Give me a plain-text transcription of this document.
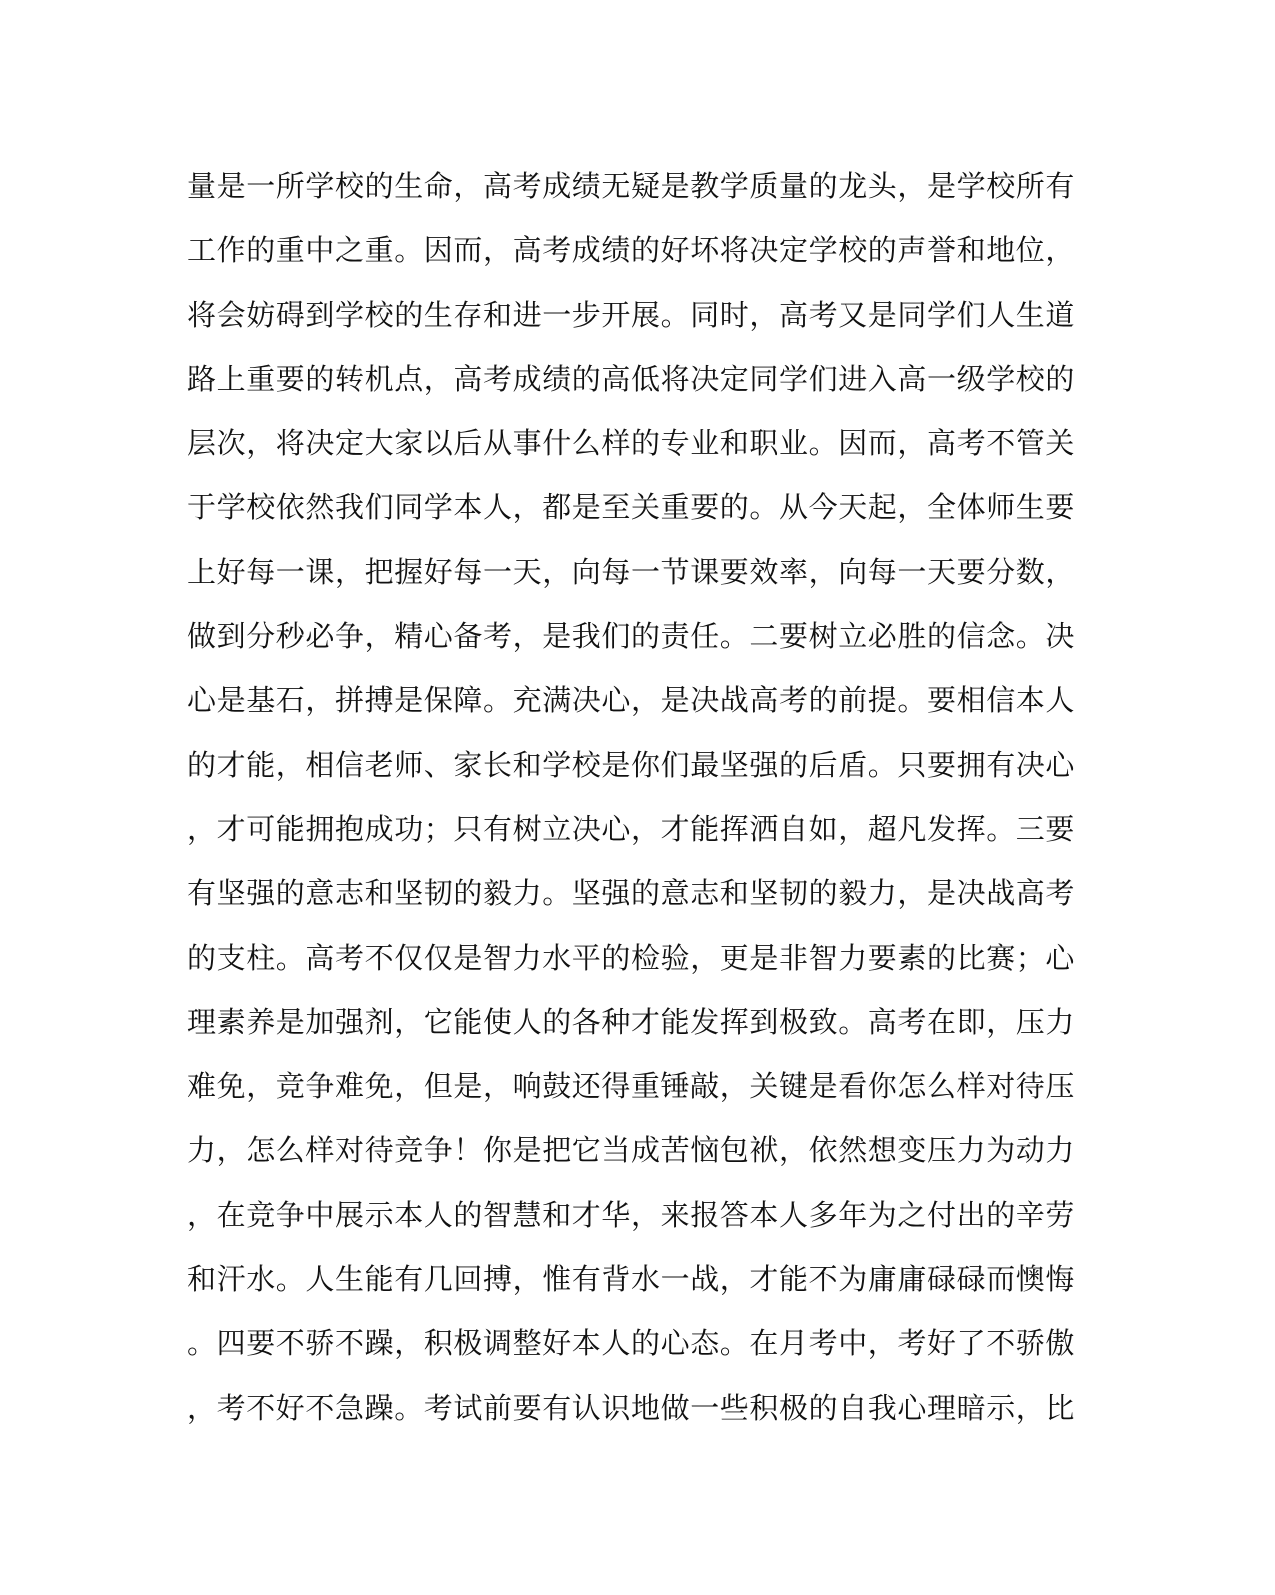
量是一所学校的生命，高考成绩无疑是教学质量的龙头，是学校所有
工作的重中之重。因而，高考成绩的好坏将决定学校的声誉和地位，
将会妨碍到学校的生存和进一步开展。同时，高考又是同学们人生道
路上重要的转机点，高考成绩的高低将决定同学们进入高一级学校的
层次，将决定大家以后从事什么样的专业和职业。因而，高考不管关
于学校依然我们同学本人，都是至关重要的。从今天起，全体师生要
上好每一课，把握好每一天，向每一节课要效率，向每一天要分数，
做到分秒必争，精心备考，是我们的责任。二要树立必胜的信念。决
心是基石，拼搏是保障。充满决心，是决战高考的前提。要相信本人
的才能，相信老师、家长和学校是你们最坚强的后盾。只要拥有决心
，才可能拥抱成功；只有树立决心，才能挥洒自如，超凡发挥。三要
有坚强的意志和坚韧的毅力。坚强的意志和坚韧的毅力，是决战高考
的支柱。高考不仅仅是智力水平的检验，更是非智力要素的比赛；心
理素养是加强剂，它能使人的各种才能发挥到极致。高考在即，压力
难免，竞争难免，但是，响鼓还得重锤敲，关键是看你怎么样对待压
力，怎么样对待竞争！你是把它当成苦恼包袱，依然想变压力为动力
，在竞争中展示本人的智慧和才华，来报答本人多年为之付出的辛劳
和汗水。人生能有几回搏，惟有背水一战，才能不为庸庸碌碌而懊悔
。四要不骄不躁，积极调整好本人的心态。在月考中，考好了不骄傲
，考不好不急躁。考试前要有认识地做一些积极的自我心理暗示，比
